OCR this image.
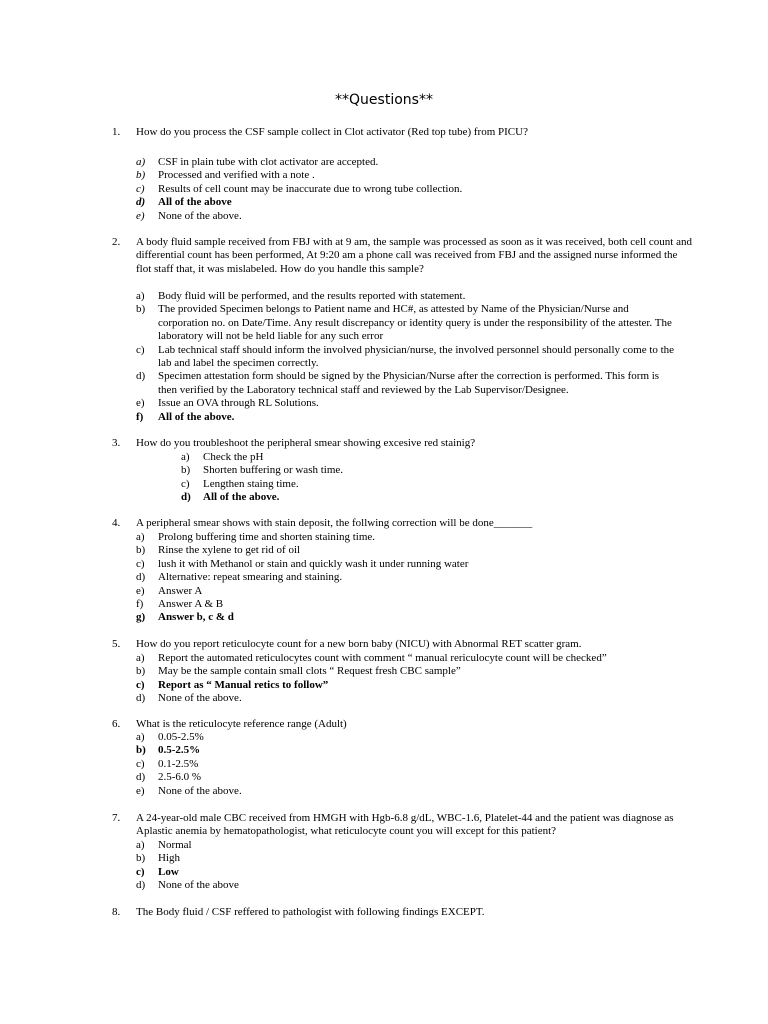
**Questions**
1. How do you process the CSF sample collect in Clot activator (Red top tube) from PICU?
a) CSF in plain tube with clot activator are accepted.
b) Processed and verified with a note .
c) Results of cell count may be inaccurate due to wrong tube collection.
d) All of the above
e) None of the above.
2. A body fluid sample received from FBJ with at 9 am, the sample was processed as soon as it was received, both cell count and differential count has been performed, At 9:20 am a phone call was received from FBJ and the assigned nurse informed the flot staff that, it was mislabeled. How do you handle this sample?
a) Body fluid will be performed, and the results reported with statement.
b) The provided Specimen belongs to Patient name and HC#, as attested by Name of the Physician/Nurse and corporation no. on Date/Time. Any result discrepancy or identity query is under the responsibility of the attester. The laboratory will not be held liable for any such error
c) Lab technical staff should inform the involved physician/nurse, the involved personnel should personally come to the lab and label the specimen correctly.
d) Specimen attestation form should be signed by the Physician/Nurse after the correction is performed. This form is then verified by the Laboratory technical staff and reviewed by the Lab Supervisor/Designee.
e) Issue an OVA through RL Solutions.
f) All of the above.
3. How do you troubleshoot the peripheral smear showing excesive red stainig?
a) Check the pH
b) Shorten buffering or wash time.
c) Lengthen staing time.
d) All of the above.
4. A peripheral smear shows with stain deposit, the follwing correction will be done_______
a) Prolong buffering time and shorten staining time.
b) Rinse the xylene to get rid of oil
c) lush it with Methanol or stain and quickly wash it under running water
d) Alternative: repeat smearing and staining.
e) Answer A
f) Answer A & B
g) Answer b, c & d
5. How do you report reticulocyte count for a new born baby (NICU) with Abnormal RET scatter gram.
a) Report the automated reticulocytes count with comment “ manual rericulocyte count will be checked”
b) May be the sample contain small clots “ Request fresh CBC sample”
c) Report as “ Manual retics to follow”
d) None of the above.
6. What is the reticulocyte reference range (Adult)
a) 0.05-2.5%
b) 0.5-2.5%
c) 0.1-2.5%
d) 2.5-6.0 %
e) None of the above.
7. A 24-year-old male CBC received from HMGH with Hgb-6.8 g/dL, WBC-1.6, Platelet-44 and the patient was diagnose as Aplastic anemia by hematopathologist, what reticulocyte count you will except for this patient?
a) Normal
b) High
c) Low
d) None of the above
8. The Body fluid / CSF reffered to pathologist with following findings EXCEPT.
